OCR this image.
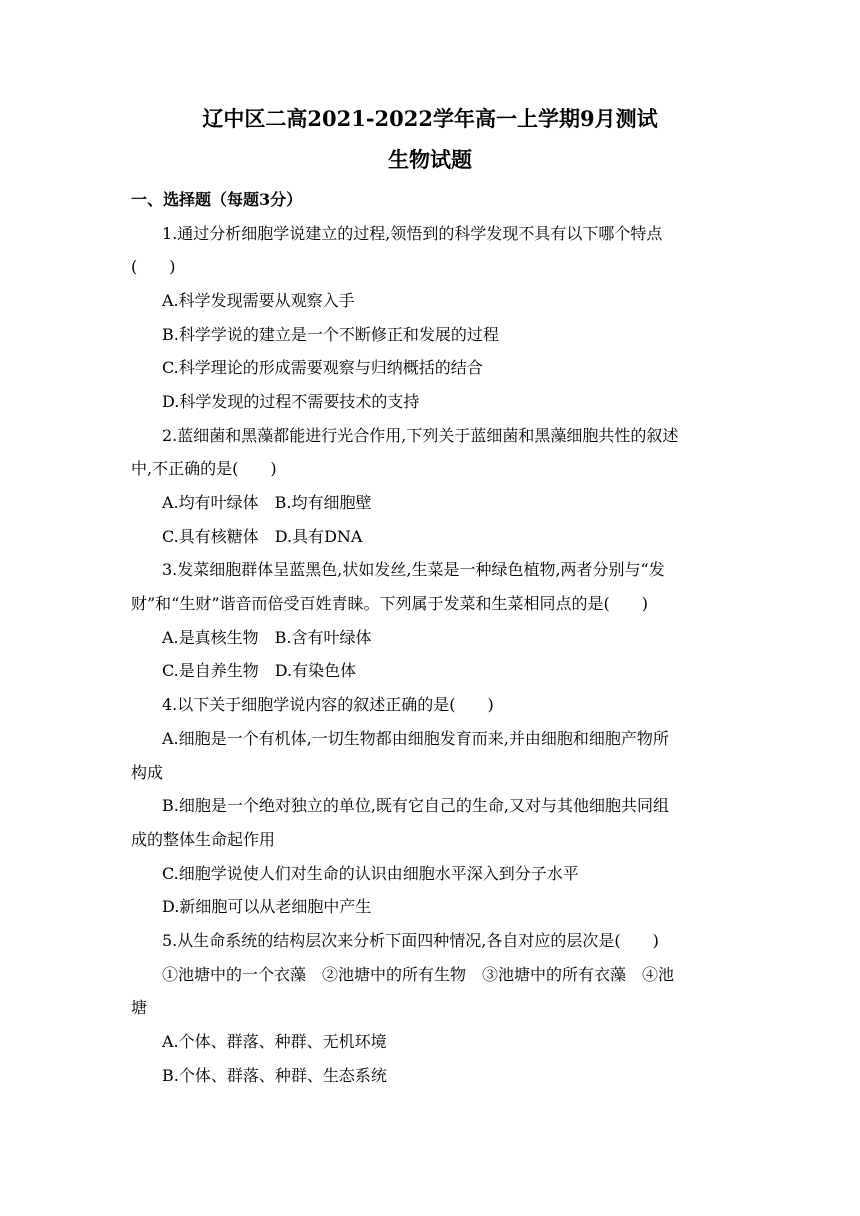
辽中区二高2021-2022学年高一上学期9月测试
生物试题
一、选择题（每题3分）
1.通过分析细胞学说建立的过程,领悟到的科学发现不具有以下哪个特点
(　　)
A.科学发现需要从观察入手
B.科学学说的建立是一个不断修正和发展的过程
C.科学理论的形成需要观察与归纳概括的结合
D.科学发现的过程不需要技术的支持
2.蓝细菌和黑藻都能进行光合作用,下列关于蓝细菌和黑藻细胞共性的叙述
中,不正确的是(　　)
A.均有叶绿体　B.均有细胞壁
C.具有核糖体　D.具有DNA
3.发菜细胞群体呈蓝黑色,状如发丝,生菜是一种绿色植物,两者分别与“发
财”和“生财”谐音而倍受百姓青睐。下列属于发菜和生菜相同点的是(　　)
A.是真核生物　B.含有叶绿体
C.是自养生物　D.有染色体
4.以下关于细胞学说内容的叙述正确的是(　　)
A.细胞是一个有机体,一切生物都由细胞发育而来,并由细胞和细胞产物所
构成
B.细胞是一个绝对独立的单位,既有它自己的生命,又对与其他细胞共同组
成的整体生命起作用
C.细胞学说使人们对生命的认识由细胞水平深入到分子水平
D.新细胞可以从老细胞中产生
5.从生命系统的结构层次来分析下面四种情况,各自对应的层次是(　　)
①池塘中的一个衣藻　②池塘中的所有生物　③池塘中的所有衣藻　④池
塘
A.个体、群落、种群、无机环境
B.个体、群落、种群、生态系统
